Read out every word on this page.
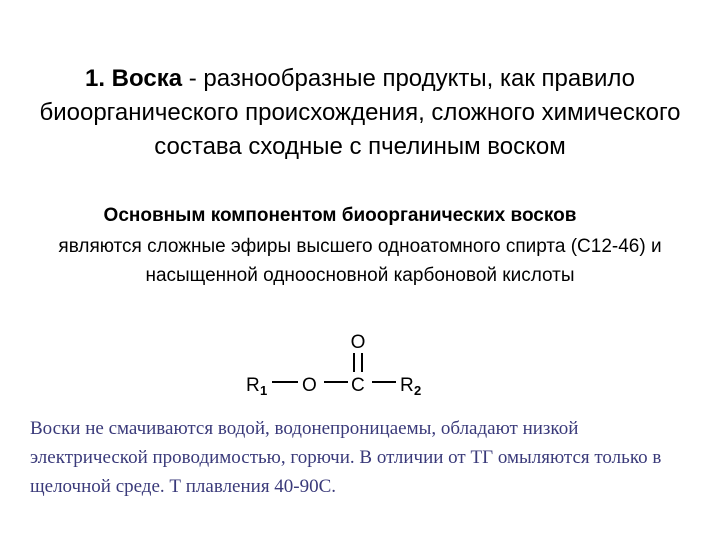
1. Воска - разнообразные продукты, как правило биоорганического происхождения, сложного химического состава сходные с пчелиным воском
Основным компонентом биоорганических восков
являются сложные эфиры высшего одноатомного спирта (С12-46) и насыщенной одноосновной карбоновой кислоты
O
R 1 O C R 2
Воски не смачиваются водой, водонепроницаемы, обладают низкой электрической проводимостью, горючи. В отличии от ТГ омыляются только в щелочной среде. Т плавления 40-90С.
